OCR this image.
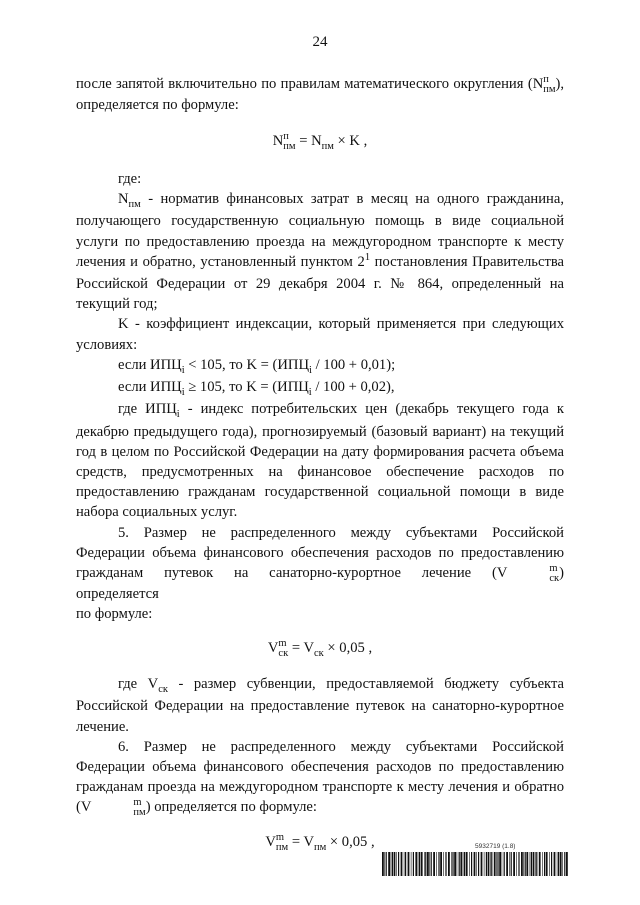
24

после запятой включительно по правилам математического округления (N п
пм ), определяется по формуле:

N п
пм = $N_{пм} \times K$ ,

где:

$N_{пм}$ - норматив финансовых затрат в месяц на одного гражданина, получающего государственную социальную помощь в виде социальной услуги по предоставлению проезда на междугородном транспорте к месту лечения и обратно, установленный пунктом $2^1$ постановления Правительства Российской Федерации от 29 декабря 2004 г. № 864, определенный на текущий год;

K - коэффициент индексации, который применяется при следующих условиях:

если $ИПЦ_i < 105$, то $K = (ИПЦ_i / 100 + 0,01)$;

если $ИПЦ_i \ge 105$, то $K = (ИПЦ_i / 100 + 0,02)$,

где $ИПЦ_i$ - индекс потребительских цен (декабрь текущего года к декабрю предыдущего года), прогнозируемый (базовый вариант) на текущий год в целом по Российской Федерации на дату формирования расчета объема средств, предусмотренных на финансовое обеспечение расходов по предоставлению гражданам государственной социальной помощи в виде набора социальных услуг.

5. Размер не распределенного между субъектами Российской Федерации объема финансового обеспечения расходов по предоставлению гражданам путевок на санаторно-курортное лечение (V	m
ск ) определяется

по формуле:

V m
ск = $V_{ск} \times 0,05$ ,

где $V_{ск}$ - размер субвенции, предоставляемой бюджету субъекта Российской Федерации на предоставление путевок на санаторно-курортное лечение.

6. Размер не распределенного между субъектами Российской Федерации объема финансового обеспечения расходов по предоставлению гражданам проезда на междугородном транспорте к месту лечения и обратно (V	m
пм ) определяется по формуле:

V m
пм = $V_{пм} \times 0,05$ ,	5932719 (1.8)
